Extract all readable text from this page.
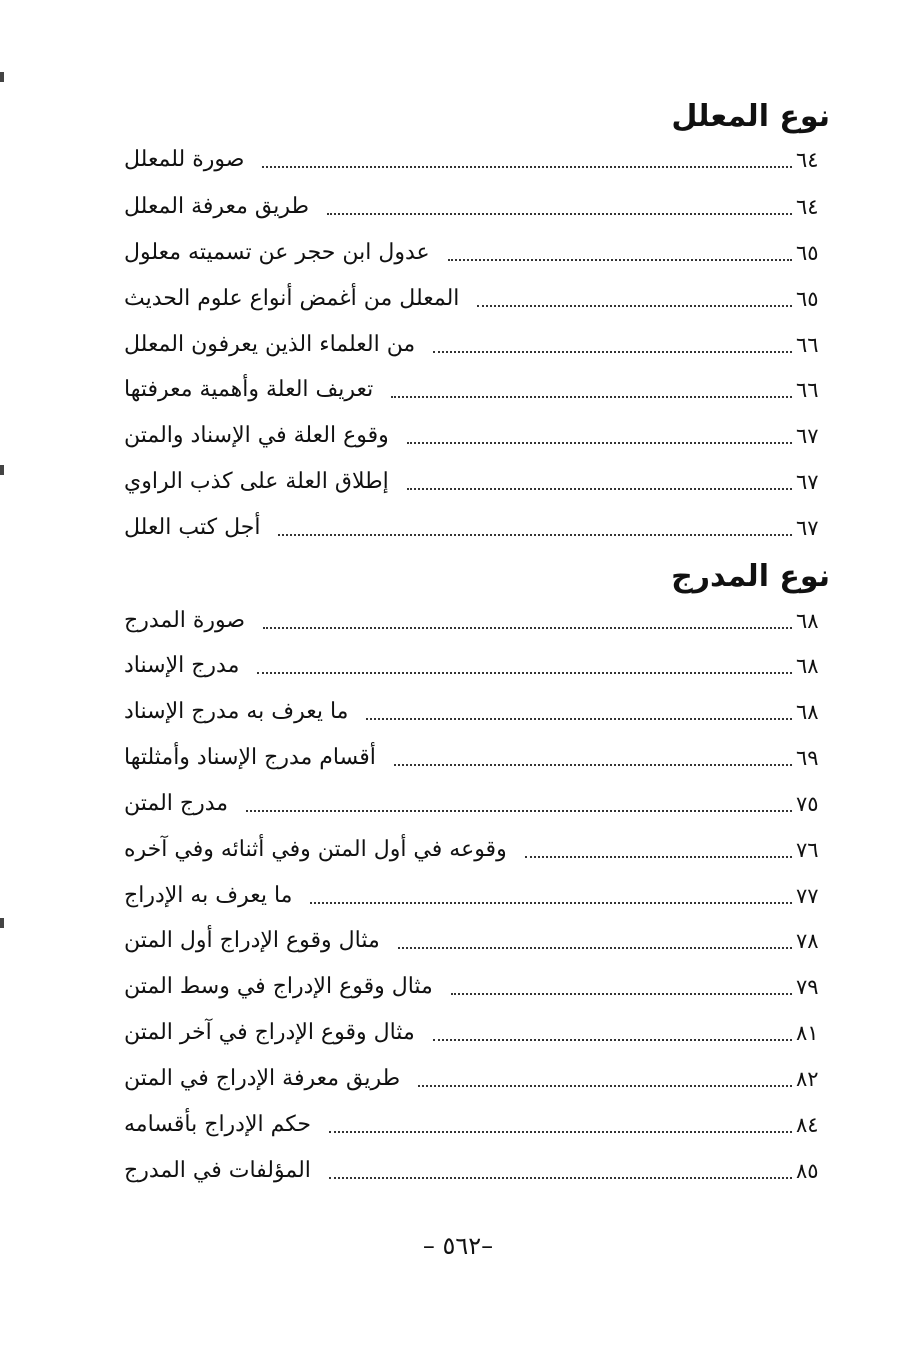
نوع المعلل
٦٤
صورة للمعلل
٦٤
طريق معرفة المعلل
٦٥
عدول ابن حجر عن تسميته معلول
٦٥
المعلل من أغمض أنواع علوم الحديث
٦٦
من العلماء الذين يعرفون المعلل
٦٦
تعريف العلة وأهمية معرفتها
٦٧
وقوع العلة في الإسناد والمتن
٦٧
إطلاق العلة على كذب الراوي
٦٧
أجل كتب العلل
نوع المدرج
٦٨
صورة المدرج
٦٨
مدرج الإسناد
٦٨
ما يعرف به مدرج الإسناد
٦٩
أقسام مدرج الإسناد وأمثلتها
٧٥
مدرج المتن
٧٦
وقوعه في أول المتن وفي أثنائه وفي آخره
٧٧
ما يعرف به الإدراج
٧٨
مثال وقوع الإدراج أول المتن
٧٩
مثال وقوع الإدراج في وسط المتن
٨١
مثال وقوع الإدراج في آخر المتن
٨٢
طريق معرفة الإدراج في المتن
٨٤
حكم الإدراج بأقسامه
٨٥
المؤلفات في المدرج
– ٥٦٢–
